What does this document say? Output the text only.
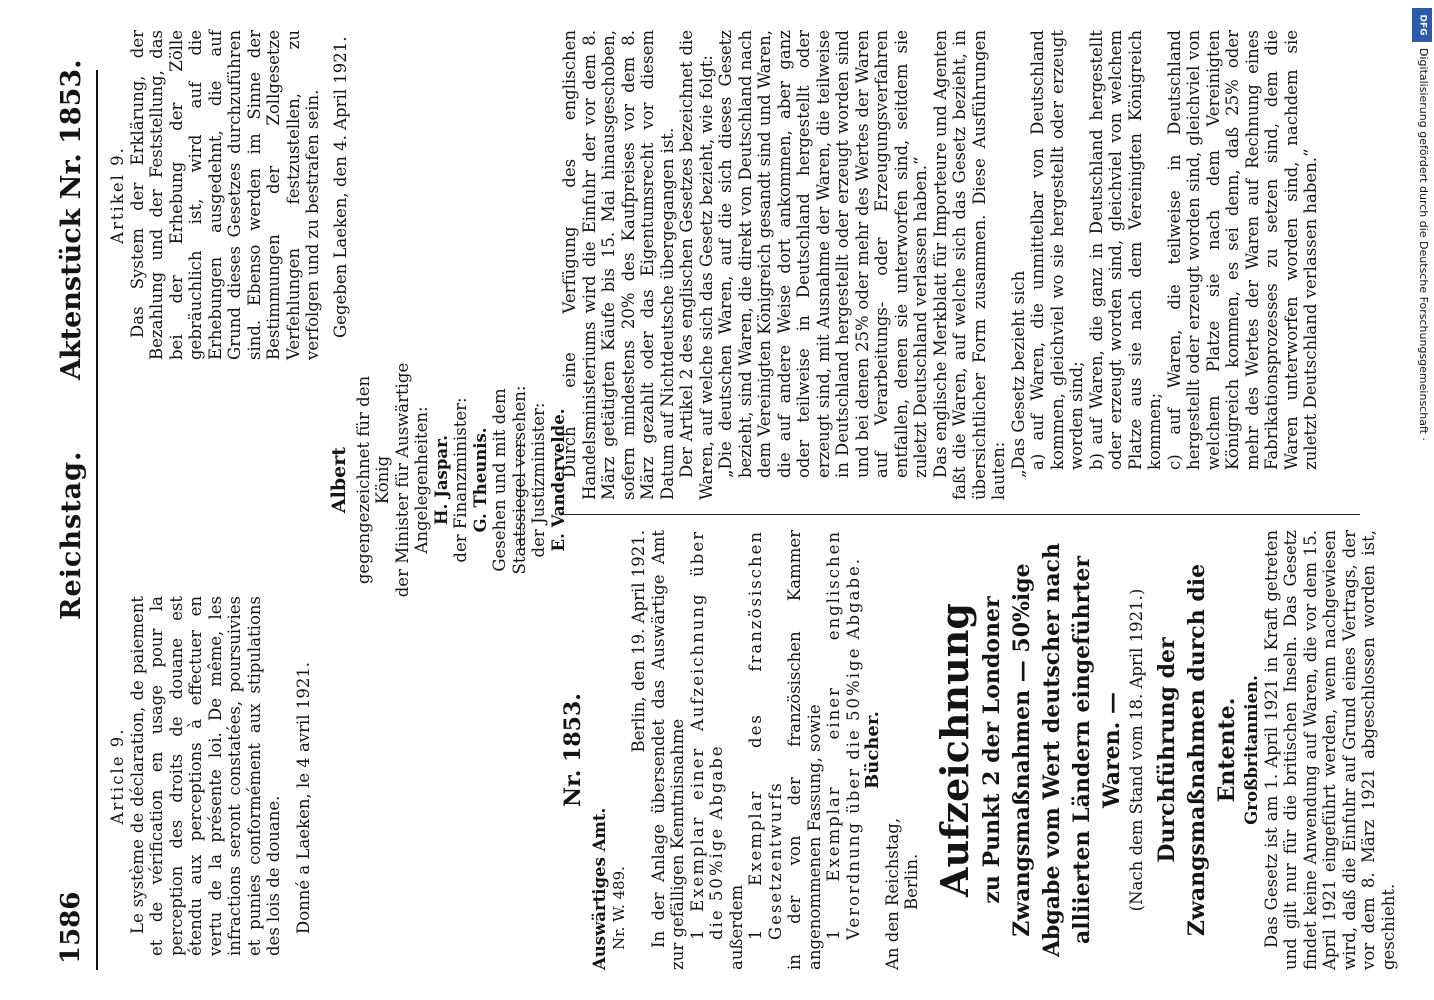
1586
Reichstag.
Aktenstück Nr. 1853.
Article 9. Le système de déclaration, de paiement et de vérification en usage pour la perception des droits de douane est étendu aux perceptions à effectuer en vertu de la présente loi. De même, les infractions seront constatées, poursuivies et punies conformément aux stipulations des lois de douane. Donné a Laeken, le 4 avril 1921.
Albert gegengezeichnet für den König der Minister für Auswärtige Angelegenheiten: H. Jaspar. der Finanzminister: G. Theunis. Gesehen und mit dem Staatssiegel versehen: der Justizminister: E. Vandervelde.
Artikel 9. Das System der Erklärung, der Bezahlung und der Feststellung, das bei der Erhebung der Zölle gebräuchlich ist, wird auf die Erhebungen ausgedehnt, die auf Grund dieses Gesetzes durchzuführen sind. Ebenso werden im Sinne der Bestimmungen der Zollgesetze Verfehlungen festzustellen, zu verfolgen und zu bestrafen sein. Gegeben Laeken, den 4. April 1921.
Nr. 1853.
Auswärtiges Amt. Nr. W. 489.
Berlin, den 19. April 1921. In der Anlage übersendet das Auswärtige Amt zur gefälligen Kenntnisnahme 1 Exemplar einer Aufzeichnung über die 50%ige Abgabe außerdem 1 Exemplar des französischen Gesetzentwurfs in der von der französischen Kammer angenommenen Fassung, sowie 1 Exemplar einer englischen Verordnung über die 50%ige Abgabe. Bücher.
An den Reichstag, Berlin. Aufzeichnung zu Punkt 2 der Londoner Zwangsmaßnahmen — 50%ige Abgabe vom Wert deutscher nach alliierten Ländern eingeführter Waren. — (Nach dem Stand vom 18. April 1921.) Durchführung der Zwangsmaßnahmen durch die Entente. Großbritannien. Das Gesetz ist am 1. April 1921 in Kraft getreten und gilt nur für die britischen Inseln. Das Gesetz findet keine Anwendung auf Waren, die vor dem 15. April 1921 eingeführt werden, wenn nachgewiesen wird, daß die Einfuhr auf Grund eines Vertrags, der vor dem 8. März 1921 abgeschlossen worden ist, geschieht.
Durch eine Verfügung des englischen Handelsministeriums wird die Einfuhr der vor dem 8. März getätigten Käufe bis 15. Mai hinausgeschoben, sofern mindestens 20% des Kaufpreises vor dem 8. März gezahlt oder das Eigentumsrecht vor diesem Datum auf Nichtdeutsche übergegangen ist. Der Artikel 2 des englischen Gesetzes bezeichnet die Waren, auf welche sich das Gesetz bezieht, wie folgt: „Die deutschen Waren, auf die sich dieses Gesetz bezieht, sind Waren, die direkt von Deutschland nach dem Vereinigten Königreich gesandt sind und Waren, die auf andere Weise dort ankommen, aber ganz oder teilweise in Deutschland hergestellt oder erzeugt sind, mit Ausnahme der Waren, die teilweise in Deutschland hergestellt oder erzeugt worden sind und bei denen 25% oder mehr des Wertes der Waren auf Verarbeitungs- oder Erzeugungsverfahren entfallen, denen sie unterworfen sind, seitdem sie zuletzt Deutschland verlassen haben.“ Das englische Merkblatt für Importeure und Agenten faßt die Waren, auf welche sich das Gesetz bezieht, in übersichtlicher Form zusammen. Diese Ausführungen lauten: „Das Gesetz bezieht sich a) auf Waren, die unmittelbar von Deutschland kommen, gleichviel wo sie hergestellt oder erzeugt worden sind; b) auf Waren, die ganz in Deutschland hergestellt oder erzeugt worden sind, gleichviel von welchem Platze aus sie nach dem Vereinigten Königreich kommen; c) auf Waren, die teilweise in Deutschland hergestellt oder erzeugt worden sind, gleichviel von welchem Platze sie nach dem Vereinigten Königreich kommen, es sei denn, daß 25% oder mehr des Wertes der Waren auf Rechnung eines Fabrikationsprozesses zu setzen sind, dem die Waren unterworfen worden sind, nachdem sie zuletzt Deutschland verlassen haben.“
DFG
Digitalisierung gefördert durch die Deutsche Forschungsgemeinschaft ·
